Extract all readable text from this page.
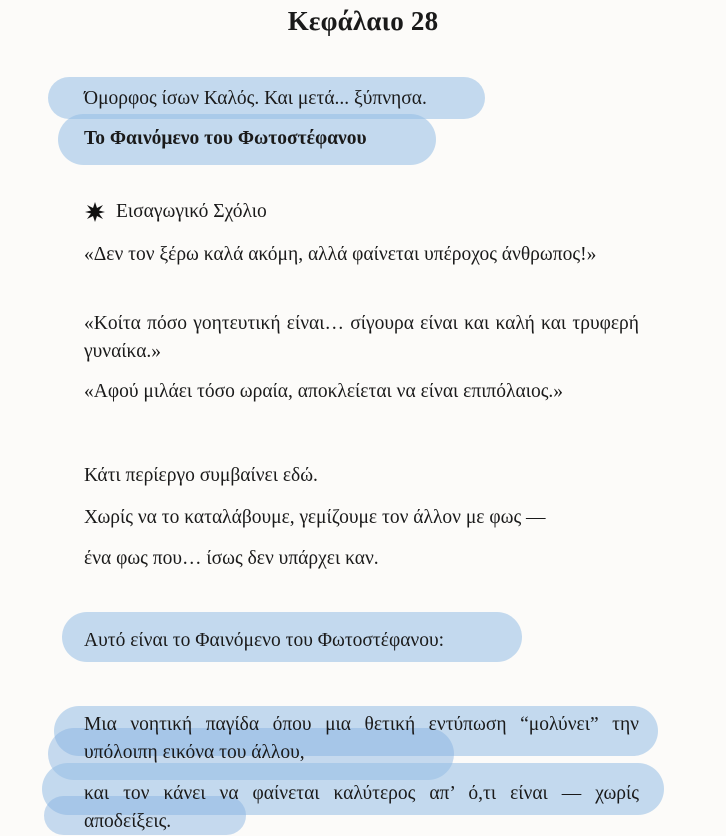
Κεφάλαιο 28
Όμορφος ίσων Καλός. Και μετά... ξύπνησα.
Το Φαινόμενο του Φωτοστέφανου
Εισαγωγικό Σχόλιο
«Δεν τον ξέρω καλά ακόμη, αλλά φαίνεται υπέροχος άνθρωπος!»
«Κοίτα πόσο γοητευτική είναι… σίγουρα είναι και καλή και τρυφερή γυναίκα.»
«Αφού μιλάει τόσο ωραία, αποκλείεται να είναι επιπόλαιος.»
Κάτι περίεργο συμβαίνει εδώ.
Χωρίς να το καταλάβουμε, γεμίζουμε τον άλλον με φως —
ένα φως που… ίσως δεν υπάρχει καν.
Αυτό είναι το Φαινόμενο του Φωτοστέφανου:
Μια νοητική παγίδα όπου μια θετική εντύπωση “μολύνει” την υπόλοιπη εικόνα του άλλου,
και τον κάνει να φαίνεται καλύτερος απ’ ό,τι είναι — χωρίς αποδείξεις.
